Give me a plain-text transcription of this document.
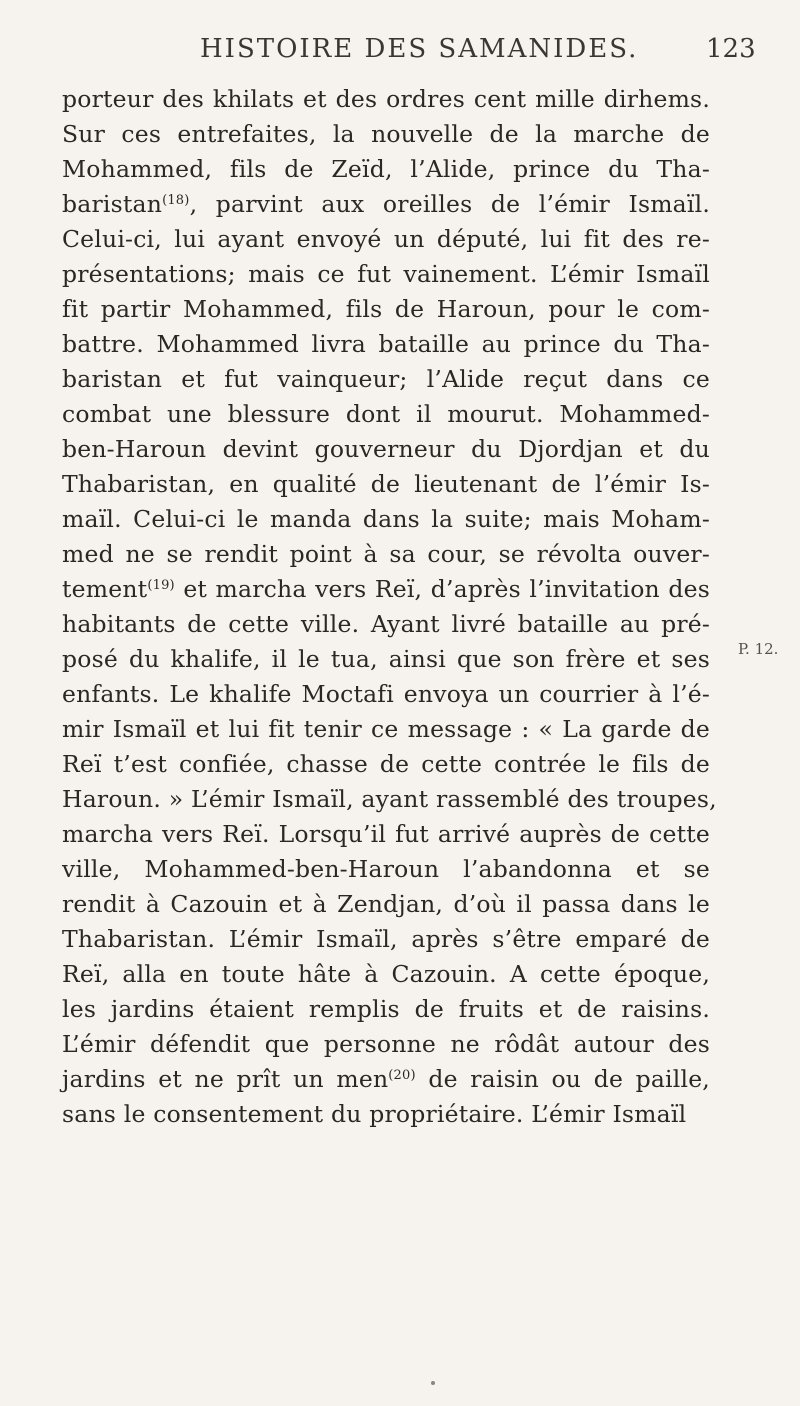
HISTOIRE DES SAMANIDES.	123
porteur des khilats et des ordres cent mille dirhems.
Sur ces entrefaites, la nouvelle de la marche de
Mohammed, fils de Zeïd, l’Alide, prince du Tha-
baristan$^{(18)}$, parvint aux oreilles de l’émir Ismaïl.
Celui-ci, lui ayant envoyé un député, lui fit des re-
présentations; mais ce fut vainement. L’émir Ismaïl
fit partir Mohammed, fils de Haroun, pour le com-
battre. Mohammed livra bataille au prince du Tha-
baristan et fut vainqueur; l’Alide reçut dans ce
combat une blessure dont il mourut. Mohammed-
ben-Haroun devint gouverneur du Djordjan et du
Thabaristan, en qualité de lieutenant de l’émir Is-
maïl. Celui-ci le manda dans la suite; mais Moham-
med ne se rendit point à sa cour, se révolta ouver-
tement$^{(19)}$ et marcha vers Reï, d’après l’invitation des
habitants de cette ville. Ayant livré bataille au pré-
posé du khalife, il le tua, ainsi que son frère et ses
enfants. Le khalife Moctafi envoya un courrier à l’é-
mir Ismaïl et lui fit tenir ce message : « La garde de
Reï t’est confiée, chasse de cette contrée le fils de
Haroun. » L’émir Ismaïl, ayant rassemblé des troupes,
marcha vers Reï. Lorsqu’il fut arrivé auprès de cette
ville, Mohammed-ben-Haroun l’abandonna et se
rendit à Cazouin et à Zendjan, d’où il passa dans le
Thabaristan. L’émir Ismaïl, après s’être emparé de
Reï, alla en toute hâte à Cazouin. A cette époque,
les jardins étaient remplis de fruits et de raisins.
L’émir défendit que personne ne rôdât autour des
jardins et ne prît un men$^{(20)}$ de raisin ou de paille,
sans le consentement du propriétaire. L’émir Ismaïl
P. 12.
